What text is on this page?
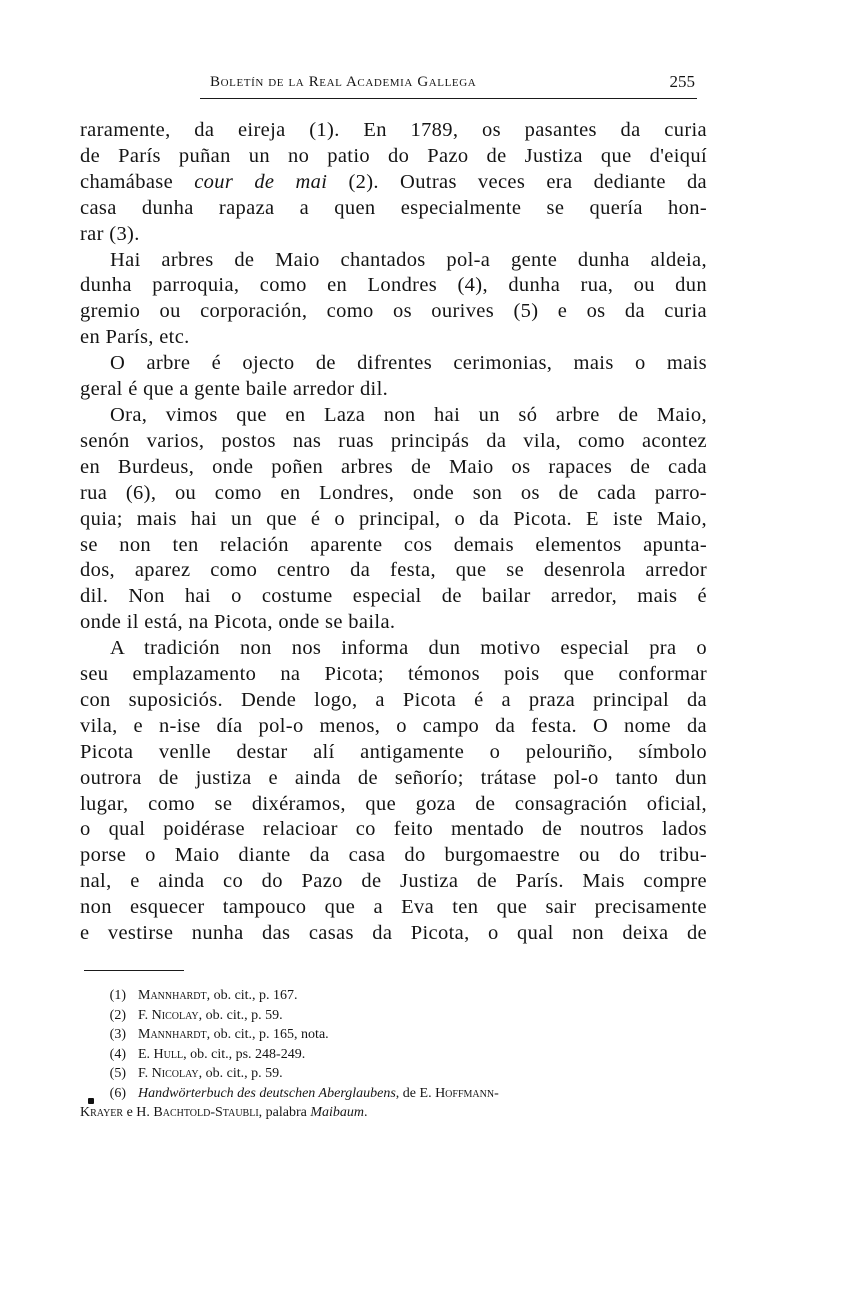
Boletín de la Real Academia Gallega	255

raramente, da eireja (1). En 1789, os pasantes da curia
de París puñan un no patio do Pazo de Justiza que d'eiquí
chamábase cour de mai (2). Outras veces era dediante da
casa dunha rapaza a quen especialmente se quería hon-
rar (3).

Hai arbres de Maio chantados pol-a gente dunha aldeia,
dunha parroquia, como en Londres (4), dunha rua, ou dun
gremio ou corporación, como os ourives (5) e os da curia
en París, etc.

O arbre é ojecto de difrentes cerimonias, mais o mais
geral é que a gente baile arredor dil.

Ora, vimos que en Laza non hai un só arbre de Maio,
senón varios, postos nas ruas principás da vila, como acontez
en Burdeus, onde poñen arbres de Maio os rapaces de cada
rua (6), ou como en Londres, onde son os de cada parro-
quia; mais hai un que é o principal, o da Picota. E iste Maio,
se non ten relación aparente cos demais elementos apunta-
dos, aparez como centro da festa, que se desenrola arredor
dil. Non hai o costume especial de bailar arredor, mais é
onde il está, na Picota, onde se baila.

A tradición non nos informa dun motivo especial pra o
seu emplazamento na Picota; témonos pois que conformar
con suposiciós. Dende logo, a Picota é a praza principal da
vila, e n-ise día pol-o menos, o campo da festa. O nome da
Picota venlle destar alí antigamente o pelouriño, símbolo
outrora de justiza e ainda de señorío; trátase pol-o tanto dun
lugar, como se dixéramos, que goza de consagración oficial,
o qual poidérase relacioar co feito mentado de noutros lados
porse o Maio diante da casa do burgomaestre ou do tribu-
nal, e ainda co do Pazo de Justiza de París. Mais compre
non esquecer tampouco que a Eva ten que sair precisamente
e vestirse nunha das casas da Picota, o qual non deixa de

(1) Mannhardt, ob. cit., p. 167.
(2) F. Nicolay, ob. cit., p. 59.
(3) Mannhardt, ob. cit., p. 165, nota.
(4) E. Hull, ob. cit., ps. 248-249.
(5) F. Nicolay, ob. cit., p. 59.
(6) Handwörterbuch des deutschen Aberglaubens, de E. Hoffmann-
Krayer e H. Bachtold-Staubli, palabra Maibaum.
